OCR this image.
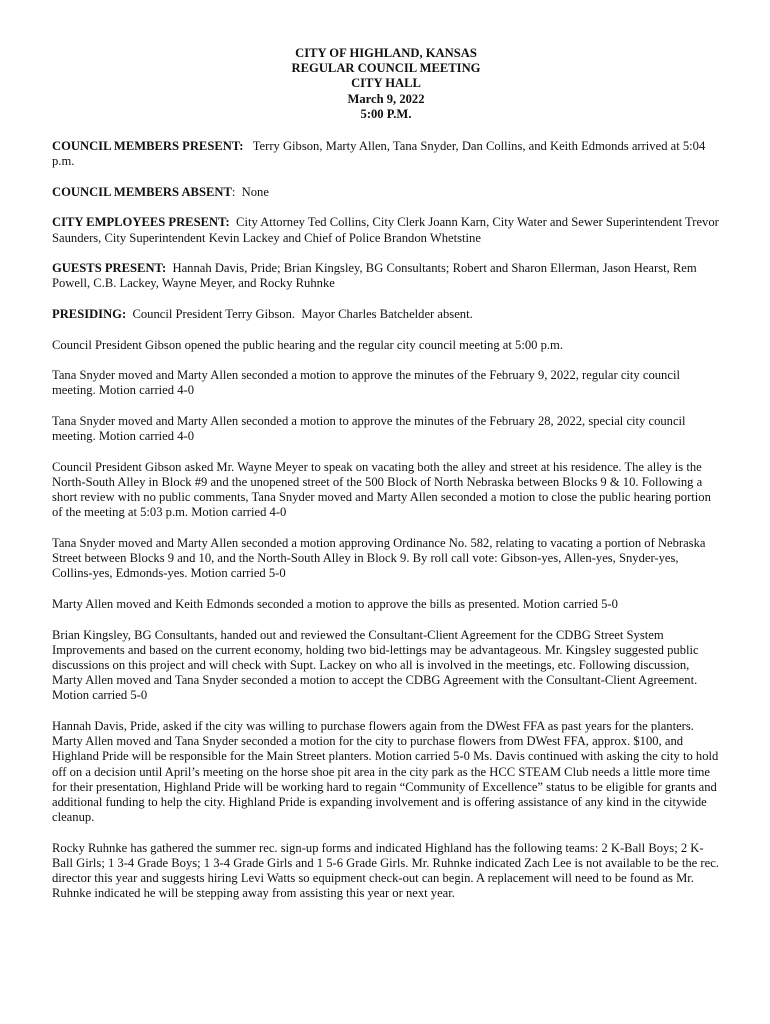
CITY OF HIGHLAND, KANSAS
REGULAR COUNCIL MEETING
CITY HALL
March 9, 2022
5:00 P.M.

COUNCIL MEMBERS PRESENT:   Terry Gibson, Marty Allen, Tana Snyder, Dan Collins, and Keith Edmonds arrived at 5:04 p.m.

COUNCIL MEMBERS ABSENT:  None

CITY EMPLOYEES PRESENT:  City Attorney Ted Collins, City Clerk Joann Karn, City Water and Sewer Superintendent Trevor Saunders, City Superintendent Kevin Lackey and Chief of Police Brandon Whetstine

GUESTS PRESENT:  Hannah Davis, Pride; Brian Kingsley, BG Consultants; Robert and Sharon Ellerman, Jason Hearst, Rem Powell, C.B. Lackey, Wayne Meyer, and Rocky Ruhnke

PRESIDING:  Council President Terry Gibson.  Mayor Charles Batchelder absent.

Council President Gibson opened the public hearing and the regular city council meeting at 5:00 p.m.

Tana Snyder moved and Marty Allen seconded a motion to approve the minutes of the February 9, 2022, regular city council meeting. Motion carried 4-0

Tana Snyder moved and Marty Allen seconded a motion to approve the minutes of the February 28, 2022, special city council meeting. Motion carried 4-0

Council President Gibson asked Mr. Wayne Meyer to speak on vacating both the alley and street at his residence. The alley is the North-South Alley in Block #9 and the unopened street of the 500 Block of North Nebraska between Blocks 9 & 10. Following a short review with no public comments, Tana Snyder moved and Marty Allen seconded a motion to close the public hearing portion of the meeting at 5:03 p.m. Motion carried 4-0

Tana Snyder moved and Marty Allen seconded a motion approving Ordinance No. 582, relating to vacating a portion of Nebraska Street between Blocks 9 and 10, and the North-South Alley in Block 9. By roll call vote: Gibson-yes, Allen-yes, Snyder-yes, Collins-yes, Edmonds-yes. Motion carried 5-0

Marty Allen moved and Keith Edmonds seconded a motion to approve the bills as presented. Motion carried 5-0

Brian Kingsley, BG Consultants, handed out and reviewed the Consultant-Client Agreement for the CDBG Street System Improvements and based on the current economy, holding two bid-lettings may be advantageous. Mr. Kingsley suggested public discussions on this project and will check with Supt. Lackey on who all is involved in the meetings, etc. Following discussion, Marty Allen moved and Tana Snyder seconded a motion to accept the CDBG Agreement with the Consultant-Client Agreement. Motion carried 5-0

Hannah Davis, Pride, asked if the city was willing to purchase flowers again from the DWest FFA as past years for the planters. Marty Allen moved and Tana Snyder seconded a motion for the city to purchase flowers from DWest FFA, approx. $100, and Highland Pride will be responsible for the Main Street planters. Motion carried 5-0 Ms. Davis continued with asking the city to hold off on a decision until April’s meeting on the horse shoe pit area in the city park as the HCC STEAM Club needs a little more time for their presentation, Highland Pride will be working hard to regain “Community of Excellence” status to be eligible for grants and additional funding to help the city. Highland Pride is expanding involvement and is offering assistance of any kind in the citywide cleanup.

Rocky Ruhnke has gathered the summer rec. sign-up forms and indicated Highland has the following teams: 2 K-Ball Boys; 2 K-Ball Girls; 1 3-4 Grade Boys; 1 3-4 Grade Girls and 1 5-6 Grade Girls. Mr. Ruhnke indicated Zach Lee is not available to be the rec. director this year and suggests hiring Levi Watts so equipment check-out can begin. A replacement will need to be found as Mr. Ruhnke indicated he will be stepping away from assisting this year or next year.
